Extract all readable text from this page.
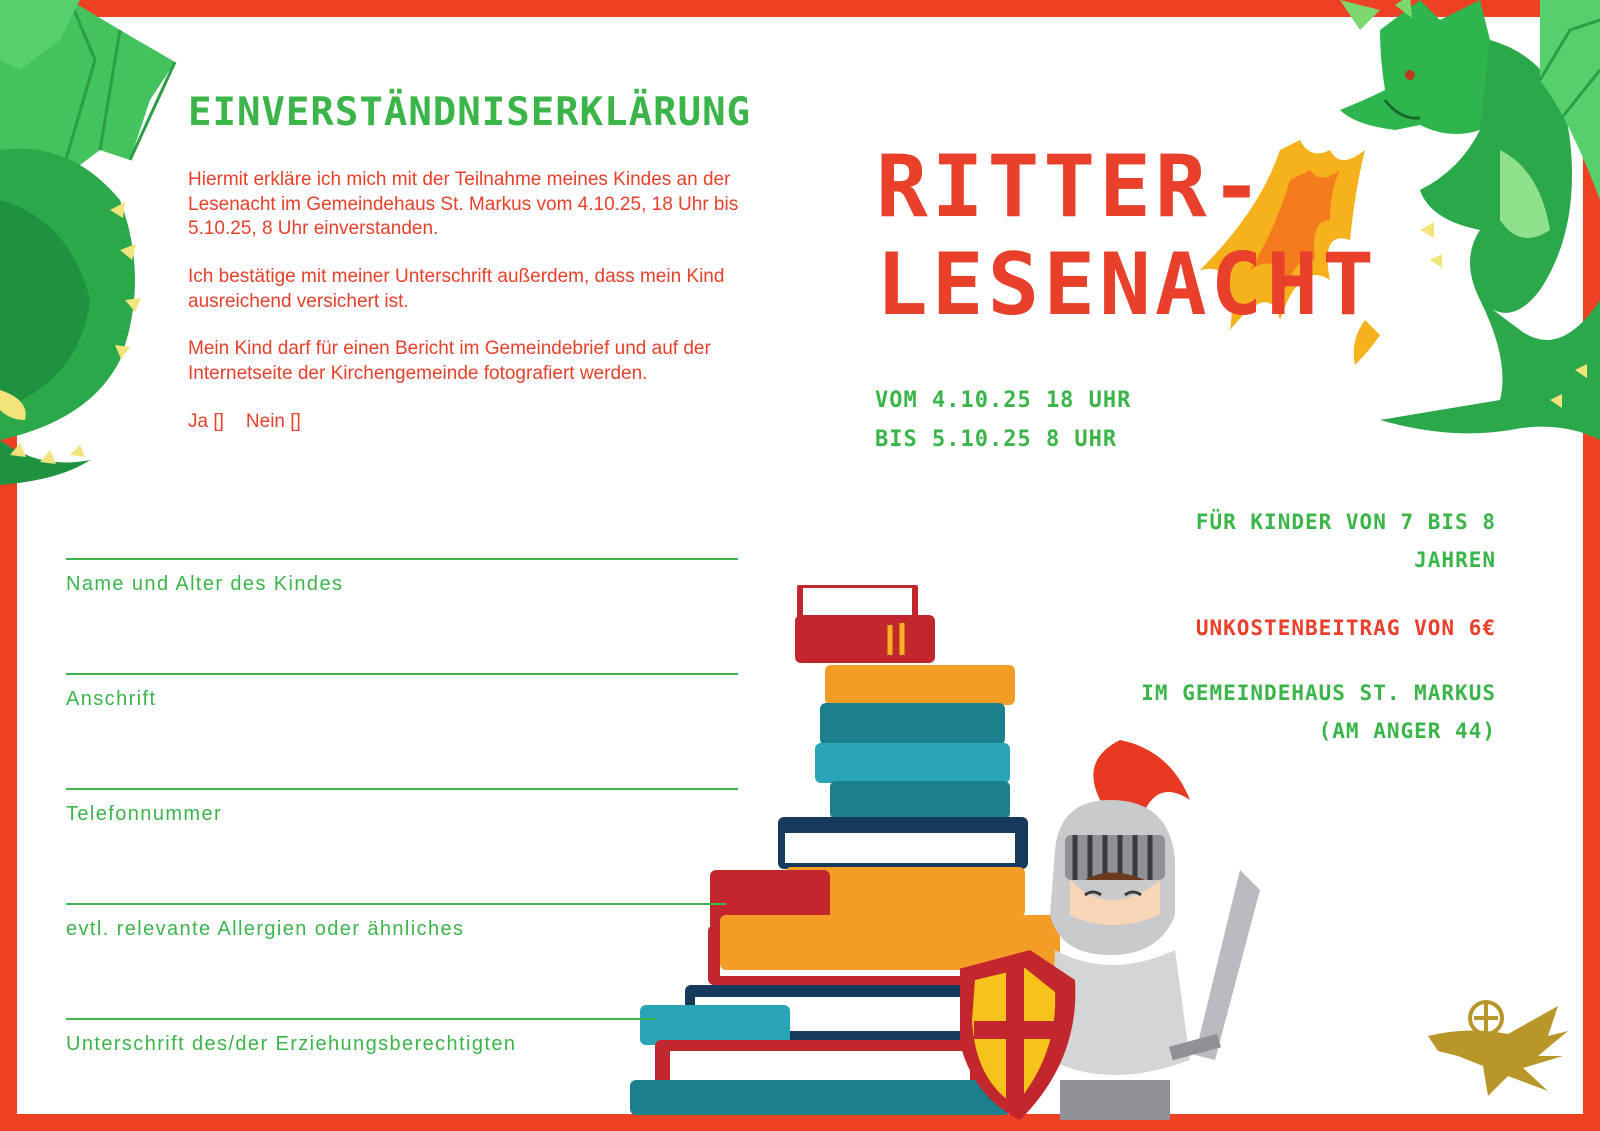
EINVERSTÄNDNISERKLÄRUNG

Hiermit erkläre ich mich mit der Teilnahme meines Kindes an der Lesenacht im Gemeindehaus St. Markus vom 4.10.25, 18 Uhr bis 5.10.25, 8 Uhr einverstanden.

Ich bestätige mit meiner Unterschrift außerdem, dass mein Kind ausreichend versichert ist.

Mein Kind darf für einen Bericht im Gemeindebrief und auf der Internetseite der Kirchengemeinde fotografiert werden.

Ja [] Nein []
Name und Alter des Kindes
Anschrift
Telefonnummer
evtl. relevante Allergien oder ähnliches
Unterschrift des/der Erziehungsberechtigten
RITTER-
LESENACHT
VOM 4.10.25 18 UHR
BIS 5.10.25 8 UHR
FÜR KINDER VON 7 BIS 8
JAHREN
UNKOSTENBEITRAG VON 6€
IM GEMEINDEHAUS ST. MARKUS
(AM ANGER 44)
